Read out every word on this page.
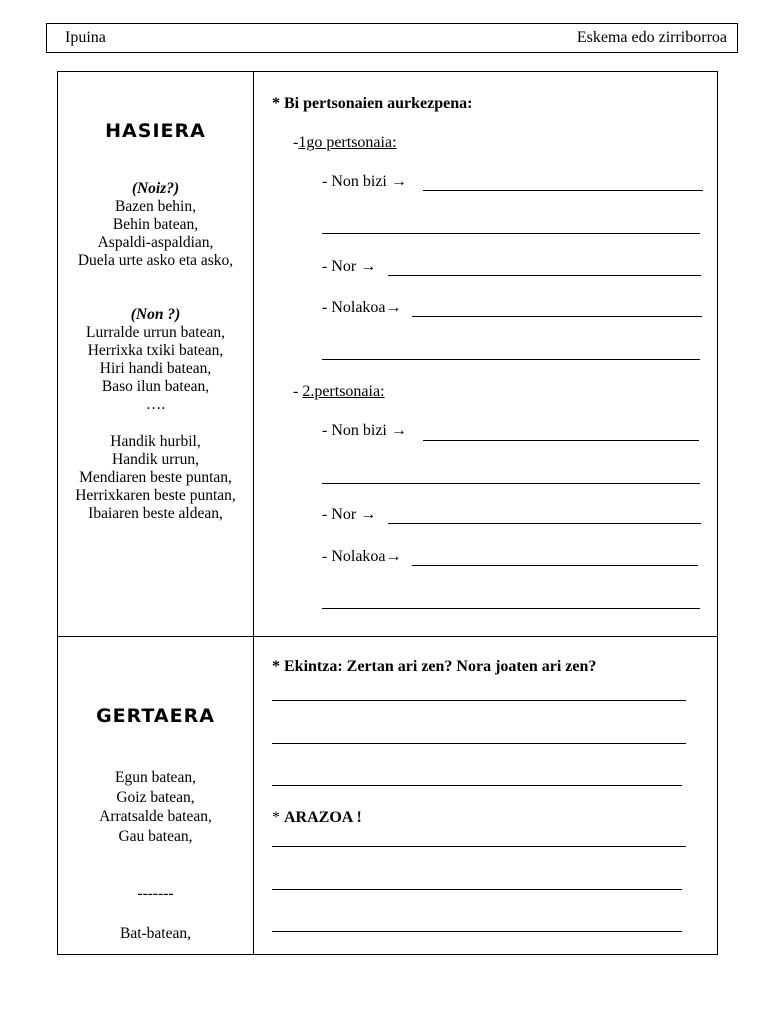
Ipuina	Eskema edo zirriborroa
HASIERA
(Noiz?)
Bazen behin,
Behin batean,
Aspaldi-aspaldian,
Duela urte asko eta asko,
(Non ?)
Lurralde urrun batean,
Herrixka txiki batean,
Hiri handi batean,
Baso ilun batean,
….
Handik hurbil,
Handik urrun,
Mendiaren beste puntan,
Herrixkaren beste puntan,
Ibaiaren beste aldean,
* Bi pertsonaien aurkezpena:
-1go pertsonaia:
- Non bizi →
- Nor →
- Nolakoa→
- 2.pertsonaia:
- Non bizi →
- Nor →
- Nolakoa→
GERTAERA
Egun batean,
Goiz batean,
Arratsalde batean,
Gau batean,
-------
Bat-batean,
* Ekintza: Zertan ari zen? Nora joaten ari zen?
* ARAZOA !
